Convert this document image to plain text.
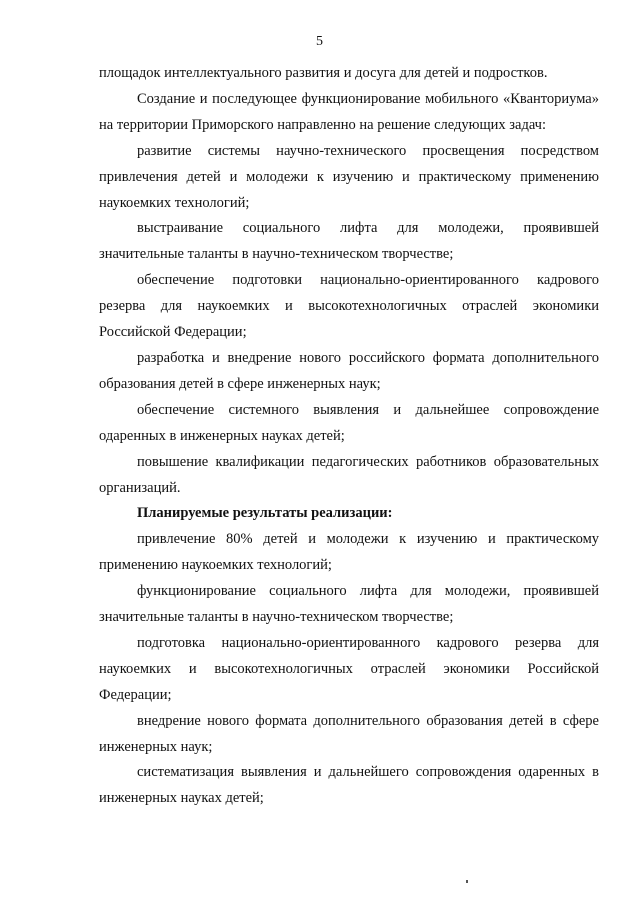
5

площадок интеллектуального развития и досуга для детей и подростков.

Создание и последующее функционирование мобильного «Кванториума» на территории Приморского направленно на решение следующих задач:

развитие системы научно-технического просвещения посредством привлечения детей и молодежи к изучению и практическому применению наукоемких технологий;

выстраивание социального лифта для молодежи, проявившей значительные таланты в научно-техническом творчестве;

обеспечение подготовки национально-ориентированного кадрового резерва для наукоемких и высокотехнологичных отраслей экономики Российской Федерации;

разработка и внедрение нового российского формата дополнительного образования детей в сфере инженерных наук;

обеспечение системного выявления и дальнейшее сопровождение одаренных в инженерных науках детей;

повышение квалификации педагогических работников образовательных организаций.

Планируемые результаты реализации:

привлечение 80% детей и молодежи к изучению и практическому применению наукоемких технологий;

функционирование социального лифта для молодежи, проявившей значительные таланты в научно-техническом творчестве;

подготовка национально-ориентированного кадрового резерва для наукоемких и высокотехнологичных отраслей экономики Российской Федерации;

внедрение нового формата дополнительного образования детей в сфере инженерных наук;

систематизация выявления и дальнейшего сопровождения одаренных в инженерных науках детей;
